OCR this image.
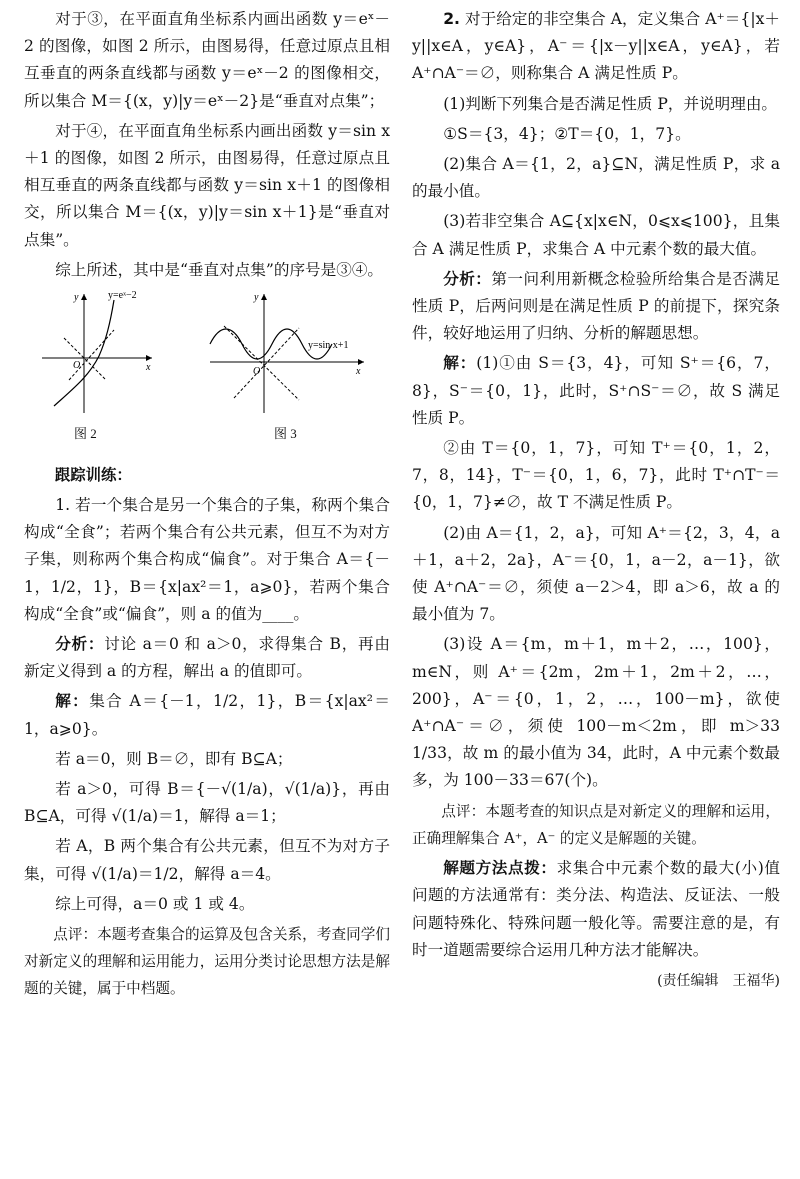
对于③，在平面直角坐标系内画出函数 y＝eˣ－2 的图像，如图 2 所示，由图易得，任意过原点且相互垂直的两条直线都与函数 y＝eˣ－2 的图像相交，所以集合 M＝{(x，y)|y＝eˣ－2}是“垂直对点集”；

对于④，在平面直角坐标系内画出函数 y＝sin x＋1 的图像，如图 2 所示，由图易得，任意过原点且相互垂直的两条直线都与函数 y＝sin x＋1 的图像相交，所以集合 M＝{(x，y)|y＝sin x＋1}是“垂直对点集”。

综上所述，其中是“垂直对点集”的序号是③④。

y=eˣ−2
y
x
O
图 2
y=sin x+1
y
x
O
图 3
跟踪训练：

1. 若一个集合是另一个集合的子集，称两个集合构成“全食”；若两个集合有公共元素，但互不为对方子集，则称两个集合构成“偏食”。对于集合 A＝{－1，1/2，1}，B＝{x|ax²＝1，a⩾0}，若两个集合构成“全食”或“偏食”，则 a 的值为____。

分析：讨论 a＝0 和 a＞0，求得集合 B，再由新定义得到 a 的方程，解出 a 的值即可。

解：集合 A＝{－1，1/2，1}，B＝{x|ax²＝1，a⩾0}。

若 a＝0，则 B＝∅，即有 B⊆A；

若 a＞0，可得 B＝{－√(1/a)，√(1/a)}，再由 B⊆A，可得 √(1/a)＝1，解得 a＝1；

若 A，B 两个集合有公共元素，但互不为对方子集，可得 √(1/a)＝1/2，解得 a＝4。

综上可得，a＝0 或 1 或 4。

点评：本题考查集合的运算及包含关系，考查同学们对新定义的理解和运用能力，运用分类讨论思想方法是解题的关键，属于中档题。

2. 对于给定的非空集合 A，定义集合 A⁺＝{|x＋y||x∈A，y∈A}，A⁻＝{|x－y||x∈A，y∈A}，若 A⁺∩A⁻＝∅，则称集合 A 满足性质 P。

(1)判断下列集合是否满足性质 P，并说明理由。

①S＝{3，4}；②T＝{0，1，7}。

(2)集合 A＝{1，2，a}⊆N，满足性质 P，求 a 的最小值。

(3)若非空集合 A⊆{x|x∈N，0⩽x⩽100}，且集合 A 满足性质 P，求集合 A 中元素个数的最大值。

分析：第一问利用新概念检验所给集合是否满足性质 P，后两问则是在满足性质 P 的前提下，探究条件，较好地运用了归纳、分析的解题思想。

解：(1)①由 S＝{3，4}，可知 S⁺＝{6，7，8}，S⁻＝{0，1}，此时，S⁺∩S⁻＝∅，故 S 满足性质 P。

②由 T＝{0，1，7}，可知 T⁺＝{0，1，2，7，8，14}，T⁻＝{0，1，6，7}，此时 T⁺∩T⁻＝{0，1，7}≠∅，故 T 不满足性质 P。

(2)由 A＝{1，2，a}，可知 A⁺＝{2，3，4，a＋1，a＋2，2a}，A⁻＝{0，1，a－2，a－1}，欲使 A⁺∩A⁻＝∅，须使 a－2＞4，即 a＞6，故 a 的最小值为 7。

(3)设 A＝{m，m＋1，m＋2，…，100}，m∈N，则 A⁺＝{2m，2m＋1，2m＋2，…，200}，A⁻＝{0，1，2，…，100－m}，欲使 A⁺∩A⁻＝∅，须使 100－m＜2m，即 m＞33 1/33，故 m 的最小值为 34，此时，A 中元素个数最多，为 100－33＝67(个)。

点评：本题考查的知识点是对新定义的理解和运用，正确理解集合 A⁺，A⁻ 的定义是解题的关键。

解题方法点拨：求集合中元素个数的最大(小)值问题的方法通常有：类分法、构造法、反证法、一般问题特殊化、特殊问题一般化等。需要注意的是，有时一道题需要综合运用几种方法才能解决。

(责任编辑　王福华)
